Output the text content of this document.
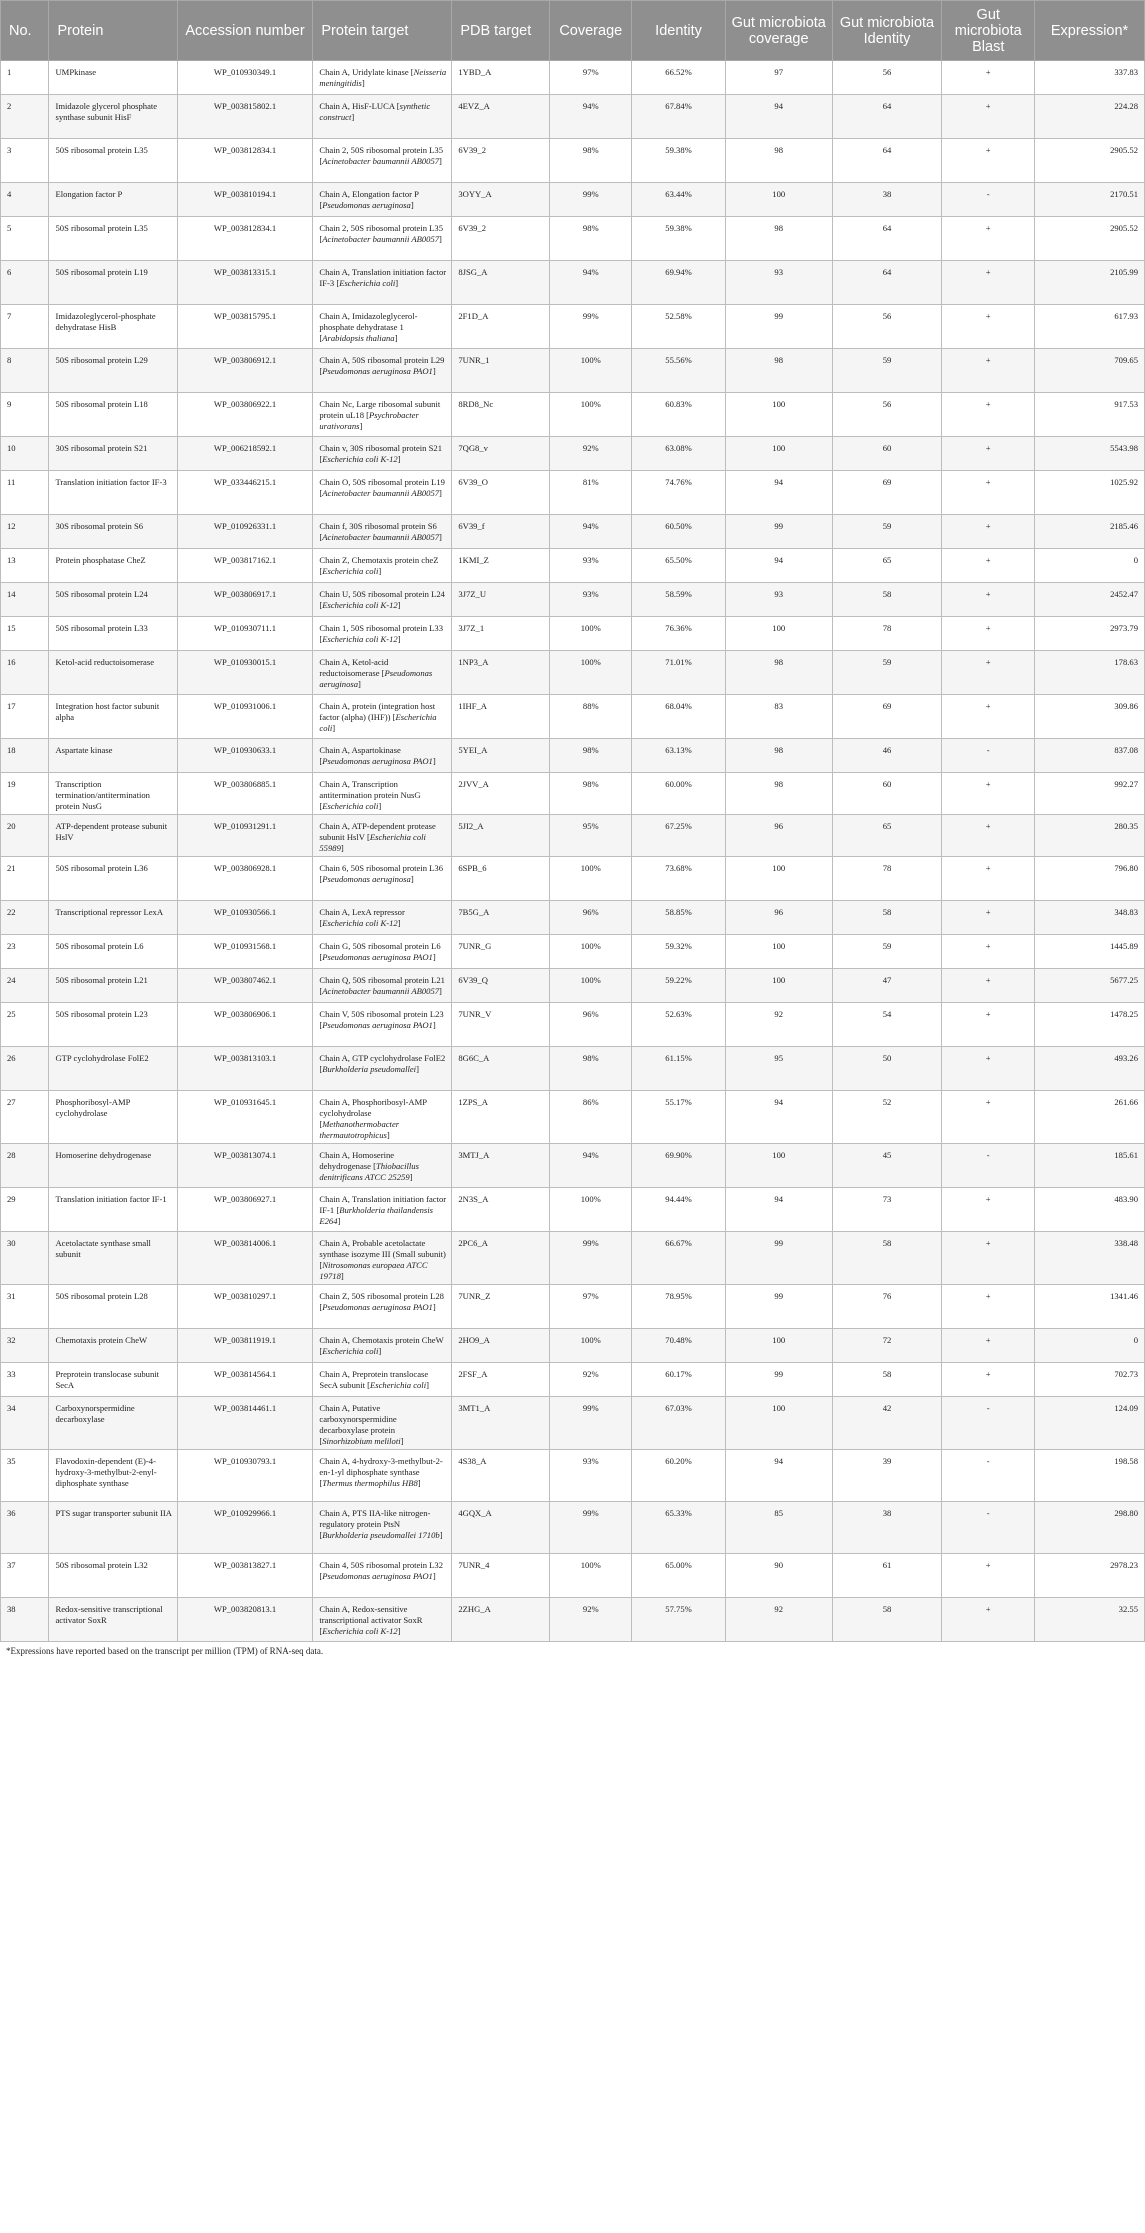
No.	Protein	Accession number	Protein target	PDB target	Coverage	Identity	Gut microbiota coverage	Gut microbiota Identity	Gut microbiota Blast	Expression*
1	UMPkinase	WP_010930349.1	Chain A, Uridylate kinase [Neisseria meningitidis]	1YBD_A	97%	66.52%	97	56	+	337.83
2	Imidazole glycerol phosphate synthase subunit HisF	WP_003815802.1	Chain A, HisF-LUCA [synthetic construct]	4EVZ_A	94%	67.84%	94	64	+	224.28
3	50S ribosomal protein L35	WP_003812834.1	Chain 2, 50S ribosomal protein L35 [Acinetobacter baumannii AB0057]	6V39_2	98%	59.38%	98	64	+	2905.52
4	Elongation factor P	WP_003810194.1	Chain A, Elongation factor P [Pseudomonas aeruginosa]	3OYY_A	99%	63.44%	100	38	-	2170.51
5	50S ribosomal protein L35	WP_003812834.1	Chain 2, 50S ribosomal protein L35 [Acinetobacter baumannii AB0057]	6V39_2	98%	59.38%	98	64	+	2905.52
6	50S ribosomal protein L19	WP_003813315.1	Chain A, Translation initiation factor IF-3 [Escherichia coli]	8JSG_A	94%	69.94%	93	64	+	2105.99
7	Imidazoleglycerol-phosphate dehydratase HisB	WP_003815795.1	Chain A, Imidazoleglycerol-phosphate dehydratase 1 [Arabidopsis thaliana]	2F1D_A	99%	52.58%	99	56	+	617.93
8	50S ribosomal protein L29	WP_003806912.1	Chain A, 50S ribosomal protein L29 [Pseudomonas aeruginosa PAO1]	7UNR_1	100%	55.56%	98	59	+	709.65
9	50S ribosomal protein L18	WP_003806922.1	Chain Nc, Large ribosomal subunit protein uL18 [Psychrobacter urativorans]	8RD8_Nc	100%	60.83%	100	56	+	917.53
10	30S ribosomal protein S21	WP_006218592.1	Chain v, 30S ribosomal protein S21 [Escherichia coli K-12]	7QG8_v	92%	63.08%	100	60	+	5543.98
11	Translation initiation factor IF-3	WP_033446215.1	Chain O, 50S ribosomal protein L19 [Acinetobacter baumannii AB0057]	6V39_O	81%	74.76%	94	69	+	1025.92
12	30S ribosomal protein S6	WP_010926331.1	Chain f, 30S ribosomal protein S6 [Acinetobacter baumannii AB0057]	6V39_f	94%	60.50%	99	59	+	2185.46
13	Protein phosphatase CheZ	WP_003817162.1	Chain Z, Chemotaxis protein cheZ [Escherichia coli]	1KMI_Z	93%	65.50%	94	65	+	0
14	50S ribosomal protein L24	WP_003806917.1	Chain U, 50S ribosomal protein L24 [Escherichia coli K-12]	3J7Z_U	93%	58.59%	93	58	+	2452.47
15	50S ribosomal protein L33	WP_010930711.1	Chain 1, 50S ribosomal protein L33 [Escherichia coli K-12]	3J7Z_1	100%	76.36%	100	78	+	2973.79
16	Ketol-acid reductoisomerase	WP_010930015.1	Chain A, Ketol-acid reductoisomerase [Pseudomonas aeruginosa]	1NP3_A	100%	71.01%	98	59	+	178.63
17	Integration host factor subunit alpha	WP_010931006.1	Chain A, protein (integration host factor (alpha) (IHF)) [Escherichia coli]	1IHF_A	88%	68.04%	83	69	+	309.86
18	Aspartate kinase	WP_010930633.1	Chain A, Aspartokinase [Pseudomonas aeruginosa PAO1]	5YEI_A	98%	63.13%	98	46	-	837.08
19	Transcription termination/antitermination protein NusG	WP_003806885.1	Chain A, Transcription antitermination protein NusG [Escherichia coli]	2JVV_A	98%	60.00%	98	60	+	992.27
20	ATP-dependent protease subunit HslV	WP_010931291.1	Chain A, ATP-dependent protease subunit HslV [Escherichia coli 55989]	5JI2_A	95%	67.25%	96	65	+	280.35
21	50S ribosomal protein L36	WP_003806928.1	Chain 6, 50S ribosomal protein L36 [Pseudomonas aeruginosa]	6SPB_6	100%	73.68%	100	78	+	796.80
22	Transcriptional repressor LexA	WP_010930566.1	Chain A, LexA repressor [Escherichia coli K-12]	7B5G_A	96%	58.85%	96	58	+	348.83
23	50S ribosomal protein L6	WP_010931568.1	Chain G, 50S ribosomal protein L6 [Pseudomonas aeruginosa PAO1]	7UNR_G	100%	59.32%	100	59	+	1445.89
24	50S ribosomal protein L21	WP_003807462.1	Chain Q, 50S ribosomal protein L21 [Acinetobacter baumannii AB0057]	6V39_Q	100%	59.22%	100	47	+	5677.25
25	50S ribosomal protein L23	WP_003806906.1	Chain V, 50S ribosomal protein L23 [Pseudomonas aeruginosa PAO1]	7UNR_V	96%	52.63%	92	54	+	1478.25
26	GTP cyclohydrolase FolE2	WP_003813103.1	Chain A, GTP cyclohydrolase FolE2 [Burkholderia pseudomallei]	8G6C_A	98%	61.15%	95	50	+	493.26
27	Phosphoribosyl-AMP cyclohydrolase	WP_010931645.1	Chain A, Phosphoribosyl-AMP cyclohydrolase [Methanothermobacter thermautotrophicus]	1ZPS_A	86%	55.17%	94	52	+	261.66
28	Homoserine dehydrogenase	WP_003813074.1	Chain A, Homoserine dehydrogenase [Thiobacillus denitrificans ATCC 25259]	3MTJ_A	94%	69.90%	100	45	-	185.61
29	Translation initiation factor IF-1	WP_003806927.1	Chain A, Translation initiation factor IF-1 [Burkholderia thailandensis E264]	2N3S_A	100%	94.44%	94	73	+	483.90
30	Acetolactate synthase small subunit	WP_003814006.1	Chain A, Probable acetolactate synthase isozyme III (Small subunit) [Nitrosomonas europaea ATCC 19718]	2PC6_A	99%	66.67%	99	58	+	338.48
31	50S ribosomal protein L28	WP_003810297.1	Chain Z, 50S ribosomal protein L28 [Pseudomonas aeruginosa PAO1]	7UNR_Z	97%	78.95%	99	76	+	1341.46
32	Chemotaxis protein CheW	WP_003811919.1	Chain A, Chemotaxis protein CheW [Escherichia coli]	2HO9_A	100%	70.48%	100	72	+	0
33	Preprotein translocase subunit SecA	WP_003814564.1	Chain A, Preprotein translocase SecA subunit [Escherichia coli]	2FSF_A	92%	60.17%	99	58	+	702.73
34	Carboxynorspermidine decarboxylase	WP_003814461.1	Chain A, Putative carboxynorspermidine decarboxylase protein [Sinorhizobium meliloti]	3MT1_A	99%	67.03%	100	42	-	124.09
35	Flavodoxin-dependent (E)-4-hydroxy-3-methylbut-2-enyl-diphosphate synthase	WP_010930793.1	Chain A, 4-hydroxy-3-methylbut-2-en-1-yl diphosphate synthase [Thermus thermophilus HB8]	4S38_A	93%	60.20%	94	39	-	198.58
36	PTS sugar transporter subunit IIA	WP_010929966.1	Chain A, PTS IIA-like nitrogen-regulatory protein PtsN [Burkholderia pseudomallei 1710b]	4GQX_A	99%	65.33%	85	38	-	298.80
37	50S ribosomal protein L32	WP_003813827.1	Chain 4, 50S ribosomal protein L32 [Pseudomonas aeruginosa PAO1]	7UNR_4	100%	65.00%	90	61	+	2978.23
38	Redox-sensitive transcriptional activator SoxR	WP_003820813.1	Chain A, Redox-sensitive transcriptional activator SoxR [Escherichia coli K-12]	2ZHG_A	92%	57.75%	92	58	+	32.55
*Expressions have reported based on the transcript per million (TPM) of RNA-seq data.
